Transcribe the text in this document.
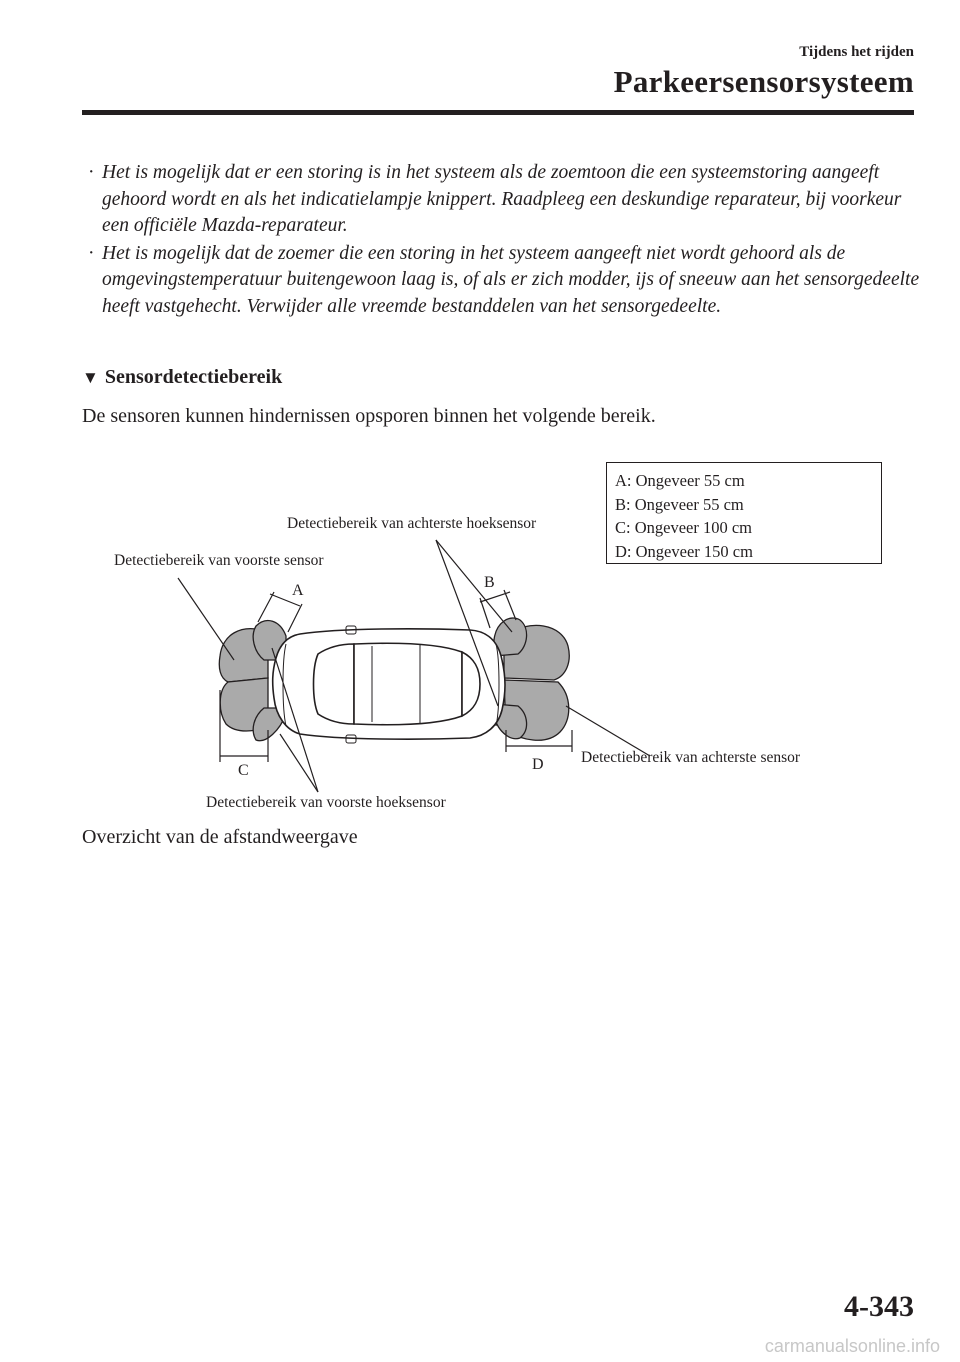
Tijdens het rijden
Parkeersensorsysteem
· Het is mogelijk dat er een storing is in het systeem als de zoemtoon die een systeemstoring aangeeft gehoord wordt en als het indicatielampje knippert. Raadpleeg een deskundige reparateur, bij voorkeur een officiële Mazda-reparateur.
· Het is mogelijk dat de zoemer die een storing in het systeem aangeeft niet wordt gehoord als de omgevingstemperatuur buitengewoon laag is, of als er zich modder, ijs of sneeuw aan het sensorgedeelte heeft vastgehecht. Verwijder alle vreemde bestanddelen van het sensorgedeelte.
▼ Sensordetectiebereik
De sensoren kunnen hindernissen opsporen binnen het volgende bereik.
A: Ongeveer 55 cm
B: Ongeveer 55 cm
C: Ongeveer 100 cm
D: Ongeveer 150 cm
Detectiebereik van achterste hoeksensor
Detectiebereik van voorste sensor
Detectiebereik van achterste sensor
Detectiebereik van voorste hoeksensor
A	B
C	D
Overzicht van de afstandweergave
4-343
carmanualsonline.info
